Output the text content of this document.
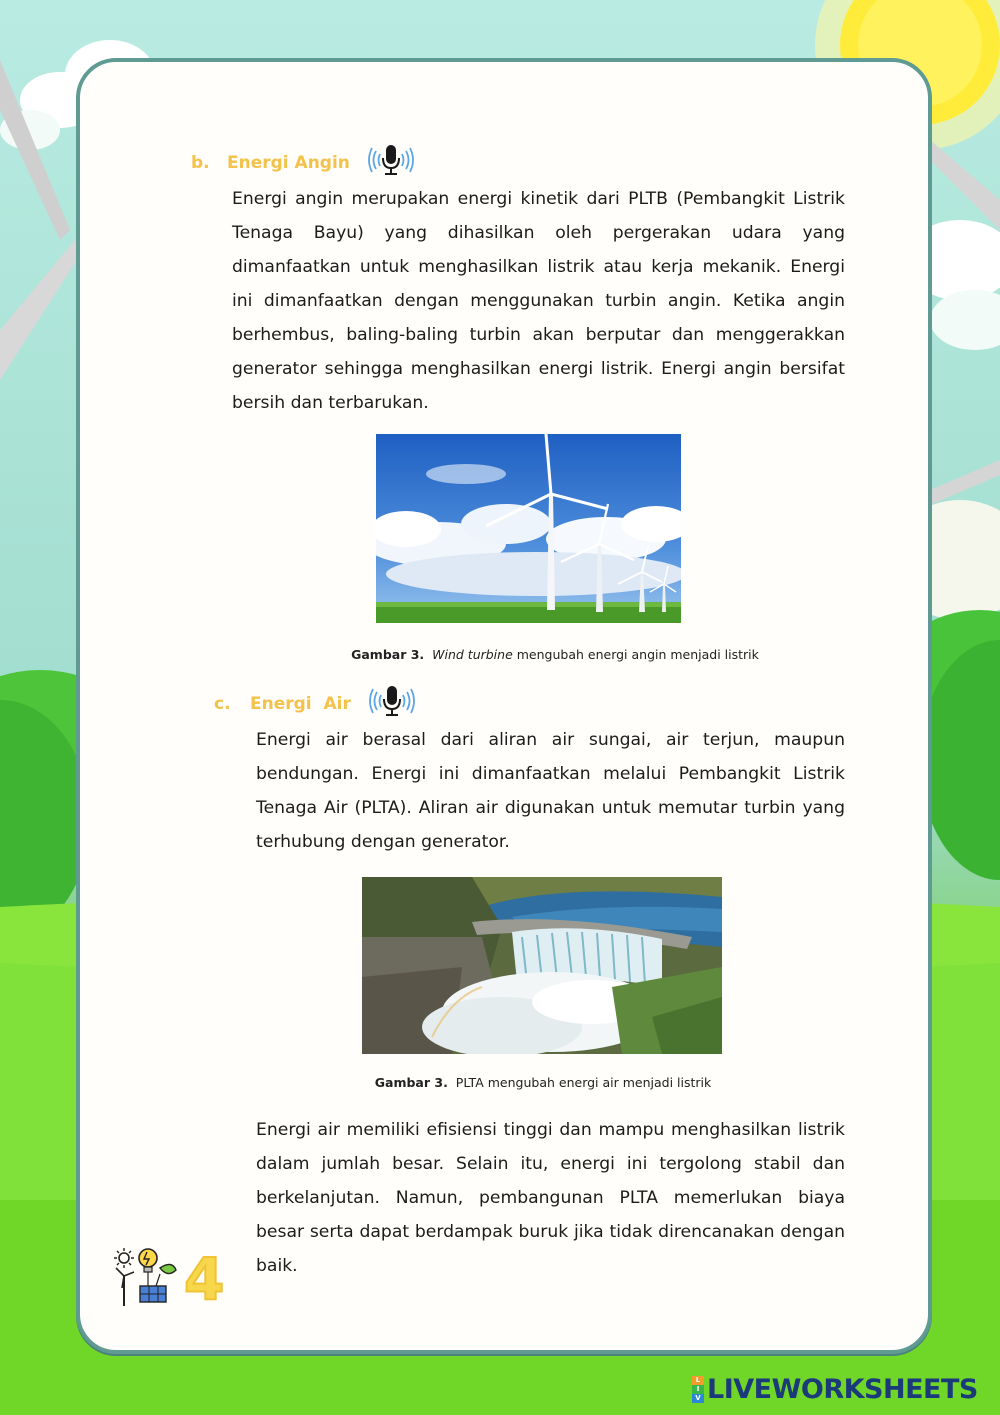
b.	Energi Angin

Energi angin merupakan energi kinetik dari PLTB (Pembangkit Listrik Tenaga Bayu) yang dihasilkan oleh pergerakan udara yang dimanfaatkan untuk menghasilkan listrik atau kerja mekanik. Energi ini dimanfaatkan dengan menggunakan turbin angin. Ketika angin berhembus, baling-baling turbin akan berputar dan menggerakkan generator sehingga menghasilkan energi listrik. Energi angin bersifat bersih dan terbarukan.

Gambar 3. Wind turbine mengubah energi angin menjadi listrik
c.	Energi  Air

Energi air berasal dari aliran air sungai, air terjun, maupun bendungan. Energi ini dimanfaatkan melalui Pembangkit Listrik Tenaga Air (PLTA). Aliran air digunakan untuk memutar turbin yang terhubung dengan generator.

Gambar 3. PLTA mengubah energi air menjadi listrik

Energi air memiliki efisiensi tinggi dan mampu menghasilkan listrik dalam jumlah besar. Selain itu, energi ini tergolong stabil dan berkelanjutan. Namun, pembangunan PLTA memerlukan biaya besar serta dapat berdampak buruk jika tidak direncanakan dengan baik.

4
L
I
V LIVEWORKSHEETS
